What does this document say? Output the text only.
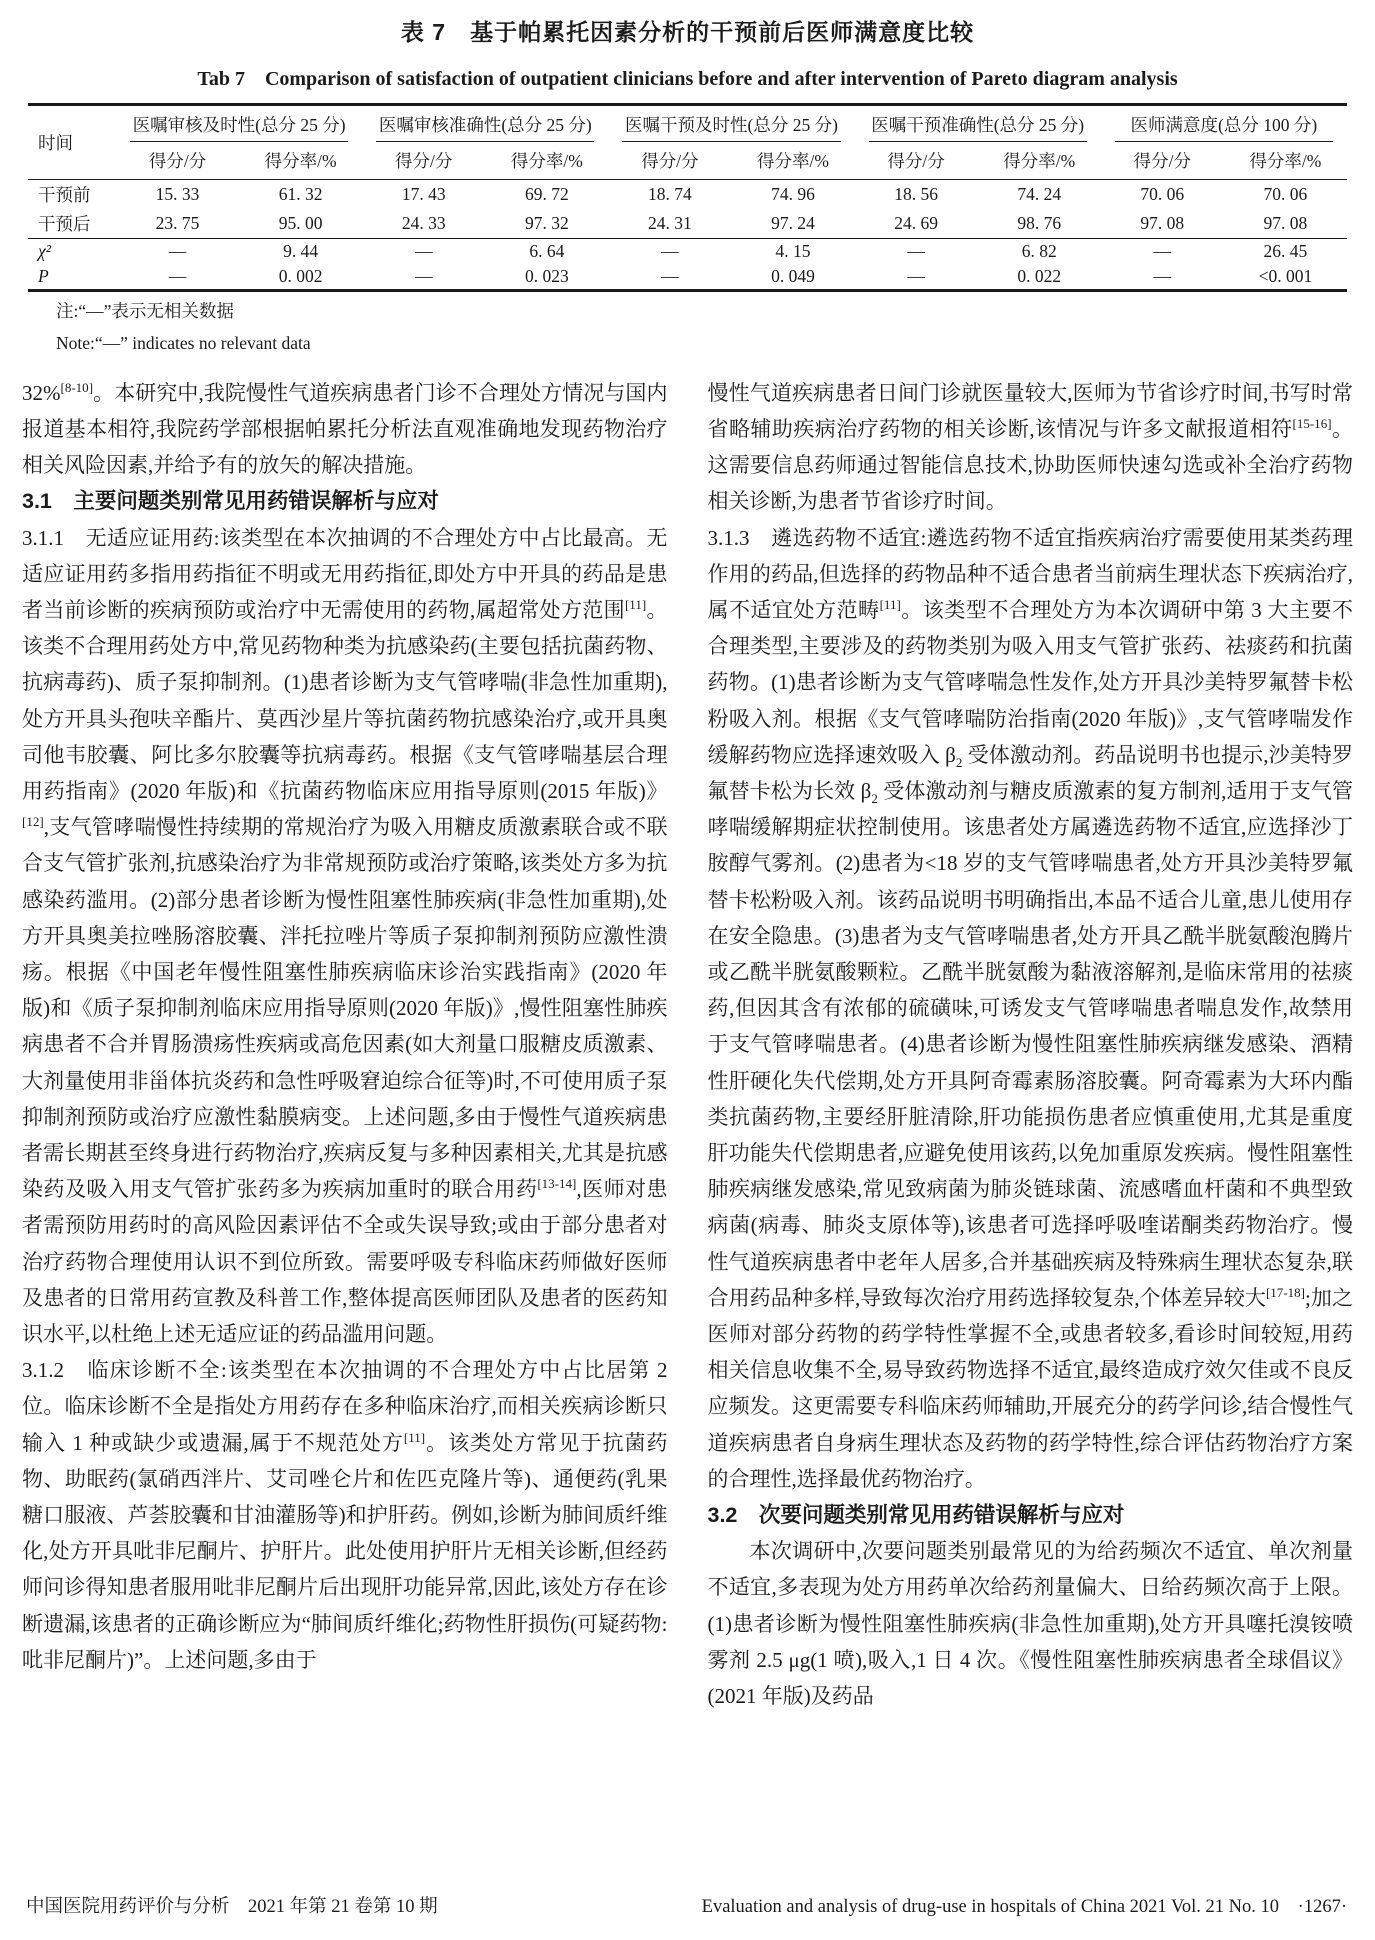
表 7　基于帕累托因素分析的干预前后医师满意度比较
Tab 7　Comparison of satisfaction of outpatient clinicians before and after intervention of Pareto diagram analysis
时间	医嘱审核及时性(总分 25 分)		医嘱审核准确性(总分 25 分)		医嘱干预及时性(总分 25 分)		医嘱干预准确性(总分 25 分)		医师满意度(总分 100 分)	

	得分/分	得分率/%	得分/分	得分率/%	得分/分	得分率/%	得分/分	得分率/%	得分/分	得分率/%
干预前	15. 33	61. 32	17. 43	69. 72	18. 74	74. 96	18. 56	74. 24	70. 06	70. 06
干预后	23. 75	95. 00	24. 33	97. 32	24. 31	97. 24	24. 69	98. 76	97. 08	97. 08
χ²	—	9. 44	—	6. 64	—	4. 15	—	6. 82	—	26. 45
P	—	0. 002	—	0. 023	—	0. 049	—	0. 022	—	<0. 001
注:“—”表示无相关数据
Note:“—” indicates no relevant data

32%[8-10]。本研究中,我院慢性气道疾病患者门诊不合理处方情况与国内报道基本相符,我院药学部根据帕累托分析法直观准确地发现药物治疗相关风险因素,并给予有的放矢的解决措施。

3.1　主要问题类别常见用药错误解析与应对

3.1.1　无适应证用药:该类型在本次抽调的不合理处方中占比最高。无适应证用药多指用药指征不明或无用药指征,即处方中开具的药品是患者当前诊断的疾病预防或治疗中无需使用的药物,属超常处方范围[11]。该类不合理用药处方中,常见药物种类为抗感染药(主要包括抗菌药物、抗病毒药)、质子泵抑制剂。(1)患者诊断为支气管哮喘(非急性加重期),处方开具头孢呋辛酯片、莫西沙星片等抗菌药物抗感染治疗,或开具奥司他韦胶囊、阿比多尔胶囊等抗病毒药。根据《支气管哮喘基层合理用药指南》(2020 年版)和《抗菌药物临床应用指导原则(2015 年版)》[12],支气管哮喘慢性持续期的常规治疗为吸入用糖皮质激素联合或不联合支气管扩张剂,抗感染治疗为非常规预防或治疗策略,该类处方多为抗感染药滥用。(2)部分患者诊断为慢性阻塞性肺疾病(非急性加重期),处方开具奥美拉唑肠溶胶囊、泮托拉唑片等质子泵抑制剂预防应激性溃疡。根据《中国老年慢性阻塞性肺疾病临床诊治实践指南》(2020 年版)和《质子泵抑制剂临床应用指导原则(2020 年版)》,慢性阻塞性肺疾病患者不合并胃肠溃疡性疾病或高危因素(如大剂量口服糖皮质激素、大剂量使用非甾体抗炎药和急性呼吸窘迫综合征等)时,不可使用质子泵抑制剂预防或治疗应激性黏膜病变。上述问题,多由于慢性气道疾病患者需长期甚至终身进行药物治疗,疾病反复与多种因素相关,尤其是抗感染药及吸入用支气管扩张药多为疾病加重时的联合用药[13-14],医师对患者需预防用药时的高风险因素评估不全或失误导致;或由于部分患者对治疗药物合理使用认识不到位所致。需要呼吸专科临床药师做好医师及患者的日常用药宣教及科普工作,整体提高医师团队及患者的医药知识水平,以杜绝上述无适应证的药品滥用问题。

3.1.2　临床诊断不全:该类型在本次抽调的不合理处方中占比居第 2 位。临床诊断不全是指处方用药存在多种临床治疗,而相关疾病诊断只输入 1 种或缺少或遗漏,属于不规范处方[11]。该类处方常见于抗菌药物、助眠药(氯硝西泮片、艾司唑仑片和佐匹克隆片等)、通便药(乳果糖口服液、芦荟胶囊和甘油灌肠等)和护肝药。例如,诊断为肺间质纤维化,处方开具吡非尼酮片、护肝片。此处使用护肝片无相关诊断,但经药师问诊得知患者服用吡非尼酮片后出现肝功能异常,因此,该处方存在诊断遗漏,该患者的正确诊断应为“肺间质纤维化;药物性肝损伤(可疑药物:吡非尼酮片)”。上述问题,多由于

慢性气道疾病患者日间门诊就医量较大,医师为节省诊疗时间,书写时常省略辅助疾病治疗药物的相关诊断,该情况与许多文献报道相符[15-16]。这需要信息药师通过智能信息技术,协助医师快速勾选或补全治疗药物相关诊断,为患者节省诊疗时间。

3.1.3　遴选药物不适宜:遴选药物不适宜指疾病治疗需要使用某类药理作用的药品,但选择的药物品种不适合患者当前病生理状态下疾病治疗,属不适宜处方范畴[11]。该类型不合理处方为本次调研中第 3 大主要不合理类型,主要涉及的药物类别为吸入用支气管扩张药、祛痰药和抗菌药物。(1)患者诊断为支气管哮喘急性发作,处方开具沙美特罗氟替卡松粉吸入剂。根据《支气管哮喘防治指南(2020 年版)》,支气管哮喘发作缓解药物应选择速效吸入 $\beta_2$ 受体激动剂。药品说明书也提示,沙美特罗氟替卡松为长效 $\beta_2$ 受体激动剂与糖皮质激素的复方制剂,适用于支气管哮喘缓解期症状控制使用。该患者处方属遴选药物不适宜,应选择沙丁胺醇气雾剂。(2)患者为<18 岁的支气管哮喘患者,处方开具沙美特罗氟替卡松粉吸入剂。该药品说明书明确指出,本品不适合儿童,患儿使用存在安全隐患。(3)患者为支气管哮喘患者,处方开具乙酰半胱氨酸泡腾片或乙酰半胱氨酸颗粒。乙酰半胱氨酸为黏液溶解剂,是临床常用的祛痰药,但因其含有浓郁的硫磺味,可诱发支气管哮喘患者喘息发作,故禁用于支气管哮喘患者。(4)患者诊断为慢性阻塞性肺疾病继发感染、酒精性肝硬化失代偿期,处方开具阿奇霉素肠溶胶囊。阿奇霉素为大环内酯类抗菌药物,主要经肝脏清除,肝功能损伤患者应慎重使用,尤其是重度肝功能失代偿期患者,应避免使用该药,以免加重原发疾病。慢性阻塞性肺疾病继发感染,常见致病菌为肺炎链球菌、流感嗜血杆菌和不典型致病菌(病毒、肺炎支原体等),该患者可选择呼吸喹诺酮类药物治疗。慢性气道疾病患者中老年人居多,合并基础疾病及特殊病生理状态复杂,联合用药品种多样,导致每次治疗用药选择较复杂,个体差异较大[17-18];加之医师对部分药物的药学特性掌握不全,或患者较多,看诊时间较短,用药相关信息收集不全,易导致药物选择不适宜,最终造成疗效欠佳或不良反应频发。这更需要专科临床药师辅助,开展充分的药学问诊,结合慢性气道疾病患者自身病生理状态及药物的药学特性,综合评估药物治疗方案的合理性,选择最优药物治疗。

3.2　次要问题类别常见用药错误解析与应对

本次调研中,次要问题类别最常见的为给药频次不适宜、单次剂量不适宜,多表现为处方用药单次给药剂量偏大、日给药频次高于上限。(1)患者诊断为慢性阻塞性肺疾病(非急性加重期),处方开具噻托溴铵喷雾剂 2.5 μg(1 喷),吸入,1 日 4 次。《慢性阻塞性肺疾病患者全球倡议》(2021 年版)及药品

中国医院用药评价与分析　2021 年第 21 卷第 10 期	Evaluation and analysis of drug-use in hospitals of China 2021 Vol. 21 No. 10 ·1267·
